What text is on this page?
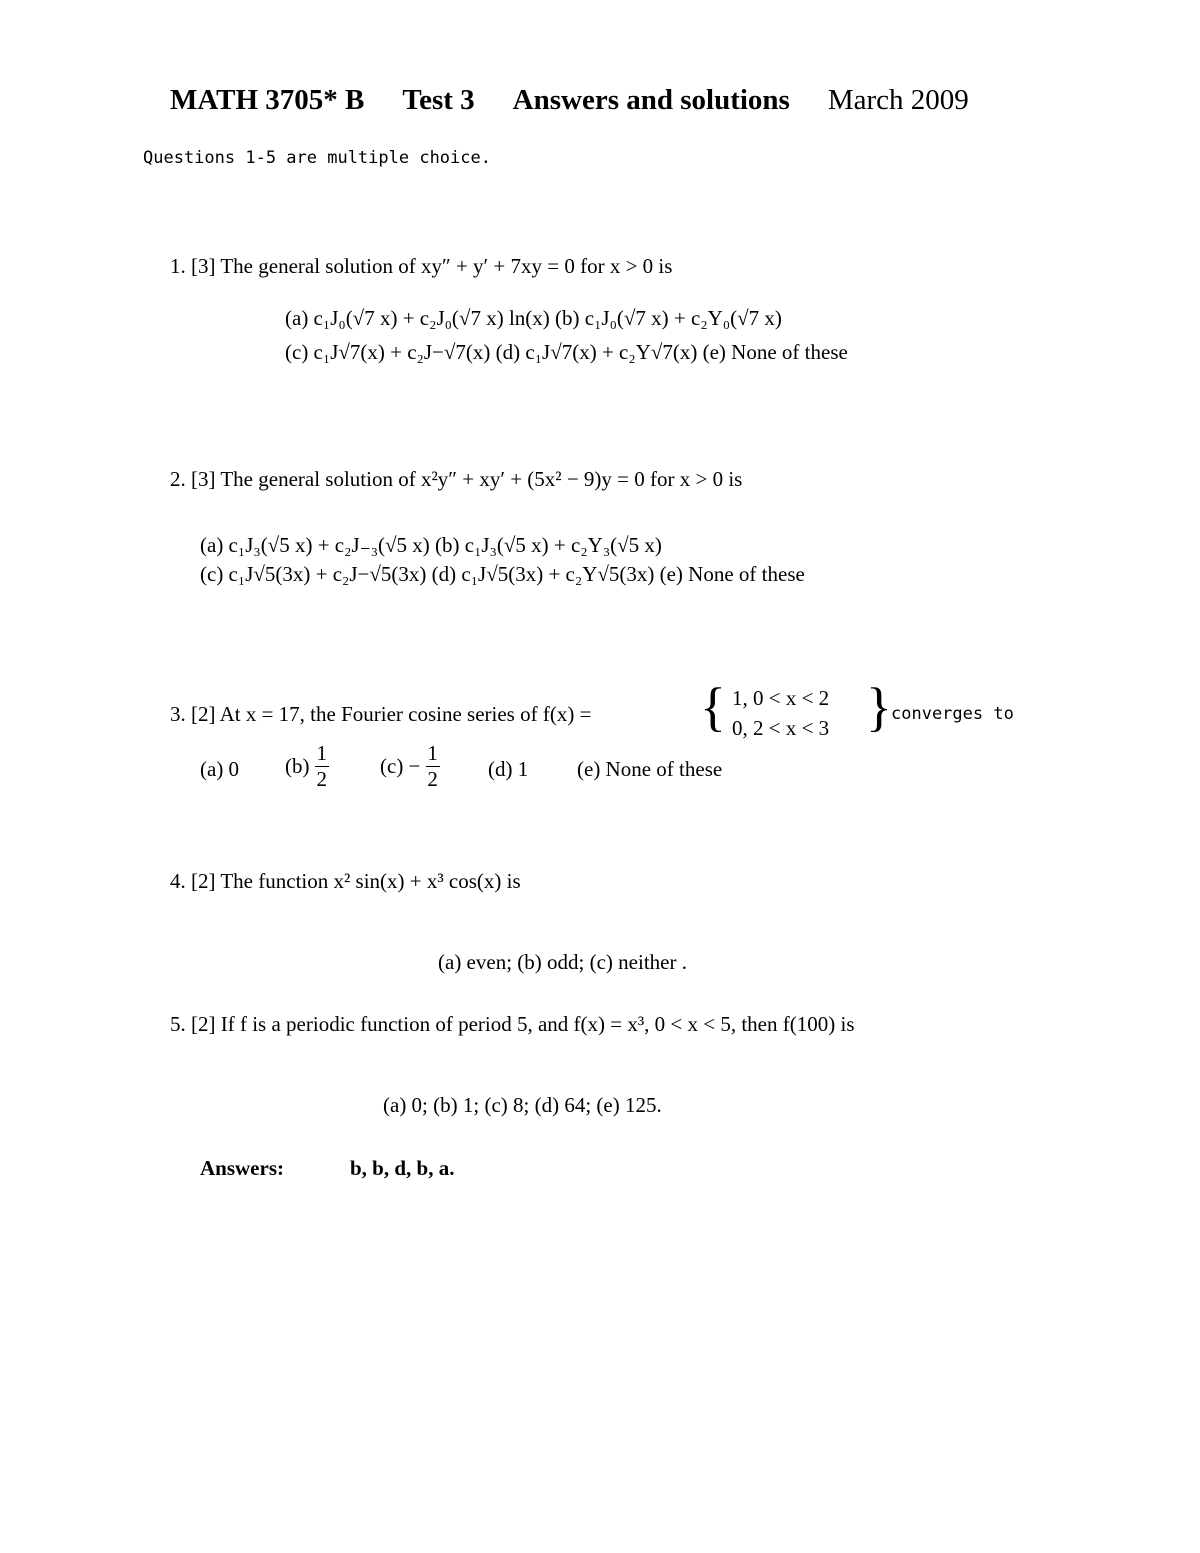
MATH 3705* B Test 3 Answers and solutions March 2009
Questions 1-5 are multiple choice.
1. [3] The general solution of xy″ + y′ + 7xy = 0 for x > 0 is
(a) c₁J₀(√7 x) + c₂J₀(√7 x) ln(x) (b) c₁J₀(√7 x) + c₂Y₀(√7 x)
(c) c₁J√7(x) + c₂J−√7(x) (d) c₁J√7(x) + c₂Y√7(x) (e) None of these
2. [3] The general solution of x²y″ + xy′ + (5x² − 9)y = 0 for x > 0 is
(a) c₁J₃(√5 x) + c₂J₋₃(√5 x) (b) c₁J₃(√5 x) + c₂Y₃(√5 x)
(c) c₁J√5(3x) + c₂J−√5(3x) (d) c₁J√5(3x) + c₂Y√5(3x) (e) None of these
3. [2] At x = 17, the Fourier cosine series of f(x) = { 1, 0 < x < 2
0, 2 < x < 3 } converges to
(a) 0 $(b) \frac{1}{2} (c) - \frac{1}{2} (d)$ 1 (e) None of these
4. [2] The function x² sin(x) + x³ cos(x) is
(a) even; (b) odd; (c) neither .
5. [2] If f is a periodic function of period 5, and f(x) = x³, 0 < x < 5, then f(100) is
(a) 0; (b) 1; (c) 8; (d) 64; (e) 125.
Answers:	b, b, d, b, a.
